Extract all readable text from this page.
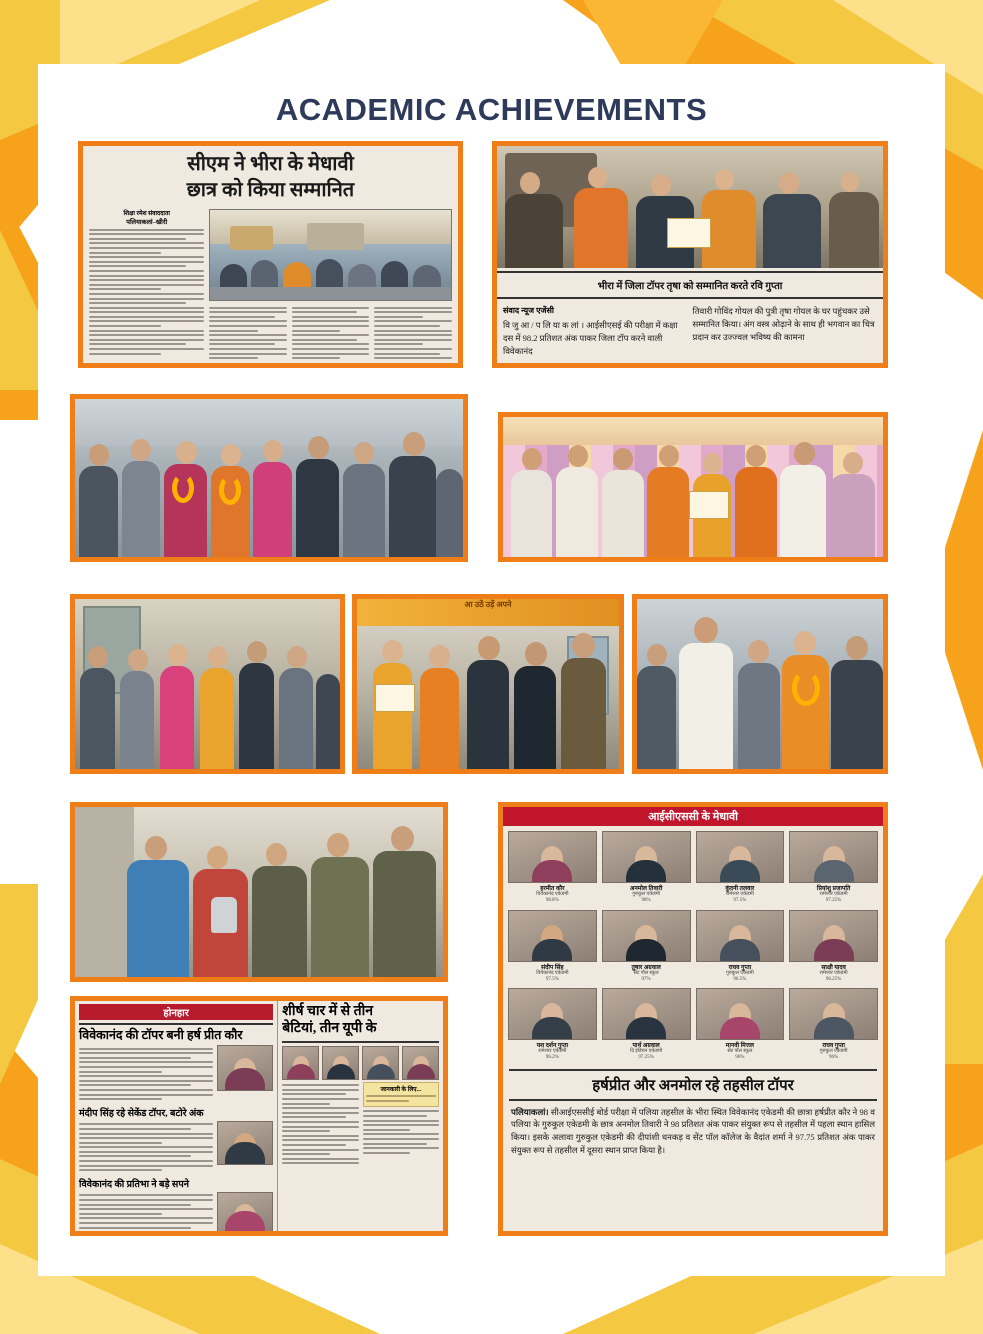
ACADEMIC ACHIEVEMENTS
सीएम ने भीरा के मेधावी
छात्र को किया सम्मानित
शिक्षा रमेश संवाददाता
पलियाकलां–खीरी
भीरा में जिला टॉपर तृषा को सम्मानित करते रवि गुप्ता
संवाद न्यूज एजेंसी
वि जु आ / प लि या क लां । आईसीएसई की परीक्षा में कक्षा दस में 98.2 प्रतिशत अंक पाकर जिला टॉप करने वाली विवेकानंद
तिवारी गोविंद गोयल की पुत्री तृषा गोयल के घर पहुंचकर उसे सम्मानित किया। अंग वस्त्र ओढ़ाने के साथ ही भगवान का चित्र प्रदान कर उज्ज्वल भविष्य की कामना
आ उठें उड़ें अपने
आईसीएससी के मेधावी
हरमीत कौर
विवेकानंद एकेडमी
98.8%
अनमोल तिवारी
गुरुकुल एकेडमी
98%
कुंदनी तलवार
रामेश्वर एकेडमी
97.5%
प्रियांशु प्रजापति
रामेश्वर एकेडमी
97.25%
संदीप सिंह
विवेकानंद एकेडमी
97.5%
तुषार अग्रवाल
सेंट पॉल स्कूल
97%
राघव गुप्ता
गुरुकुल एकेडमी
96.5%
साक्षी यादव
रामेश्वर एकेडमी
96.25%
यश दर्शन गुप्ता
रामेश्वर एकेडमी
96.2%
पार्थ अग्रवाल
दि इंडियन एकेडमी
97.25%
मानवी मित्तल
सेंट पॉल स्कूल
96%
राघव गुप्ता
गुरुकुल एकेडमी
96%
हर्षप्रीत और अनमोल रहे तहसील टॉपर
पलियाकलां। सीआईएससीई बोर्ड परीक्षा में पलिया तहसील के भीरा स्थित विवेकानंद एकेडमी की छात्रा हर्षप्रीत कौर ने 98 व पलिया के गुरुकुल एकेडमी के छात्र अनमोल तिवारी ने 98 प्रतिशत अंक पाकर संयुक्त रूप से तहसील में पहला स्थान हासिल किया। इसके अलावा गुरुकुल एकेडमी की दीपांशी धनकड़ व सेंट पॉल कॉलेज के वैदांत शर्मा ने 97.75 प्रतिशत अंक पाकर संयुक्त रूप से तहसील में दूसरा स्थान प्राप्त किया है।
होनहार
विवेकानंद की टॉपर बनी हर्ष प्रीत कौर
मंदीप सिंह रहे सेकेंड टॉपर, बटोरे अंक
विवेकानंद की प्रतिभा ने बड़े सपने
शीर्ष चार में से तीन
बेटियां, तीन यूपी के
जानकारी के लिए...
